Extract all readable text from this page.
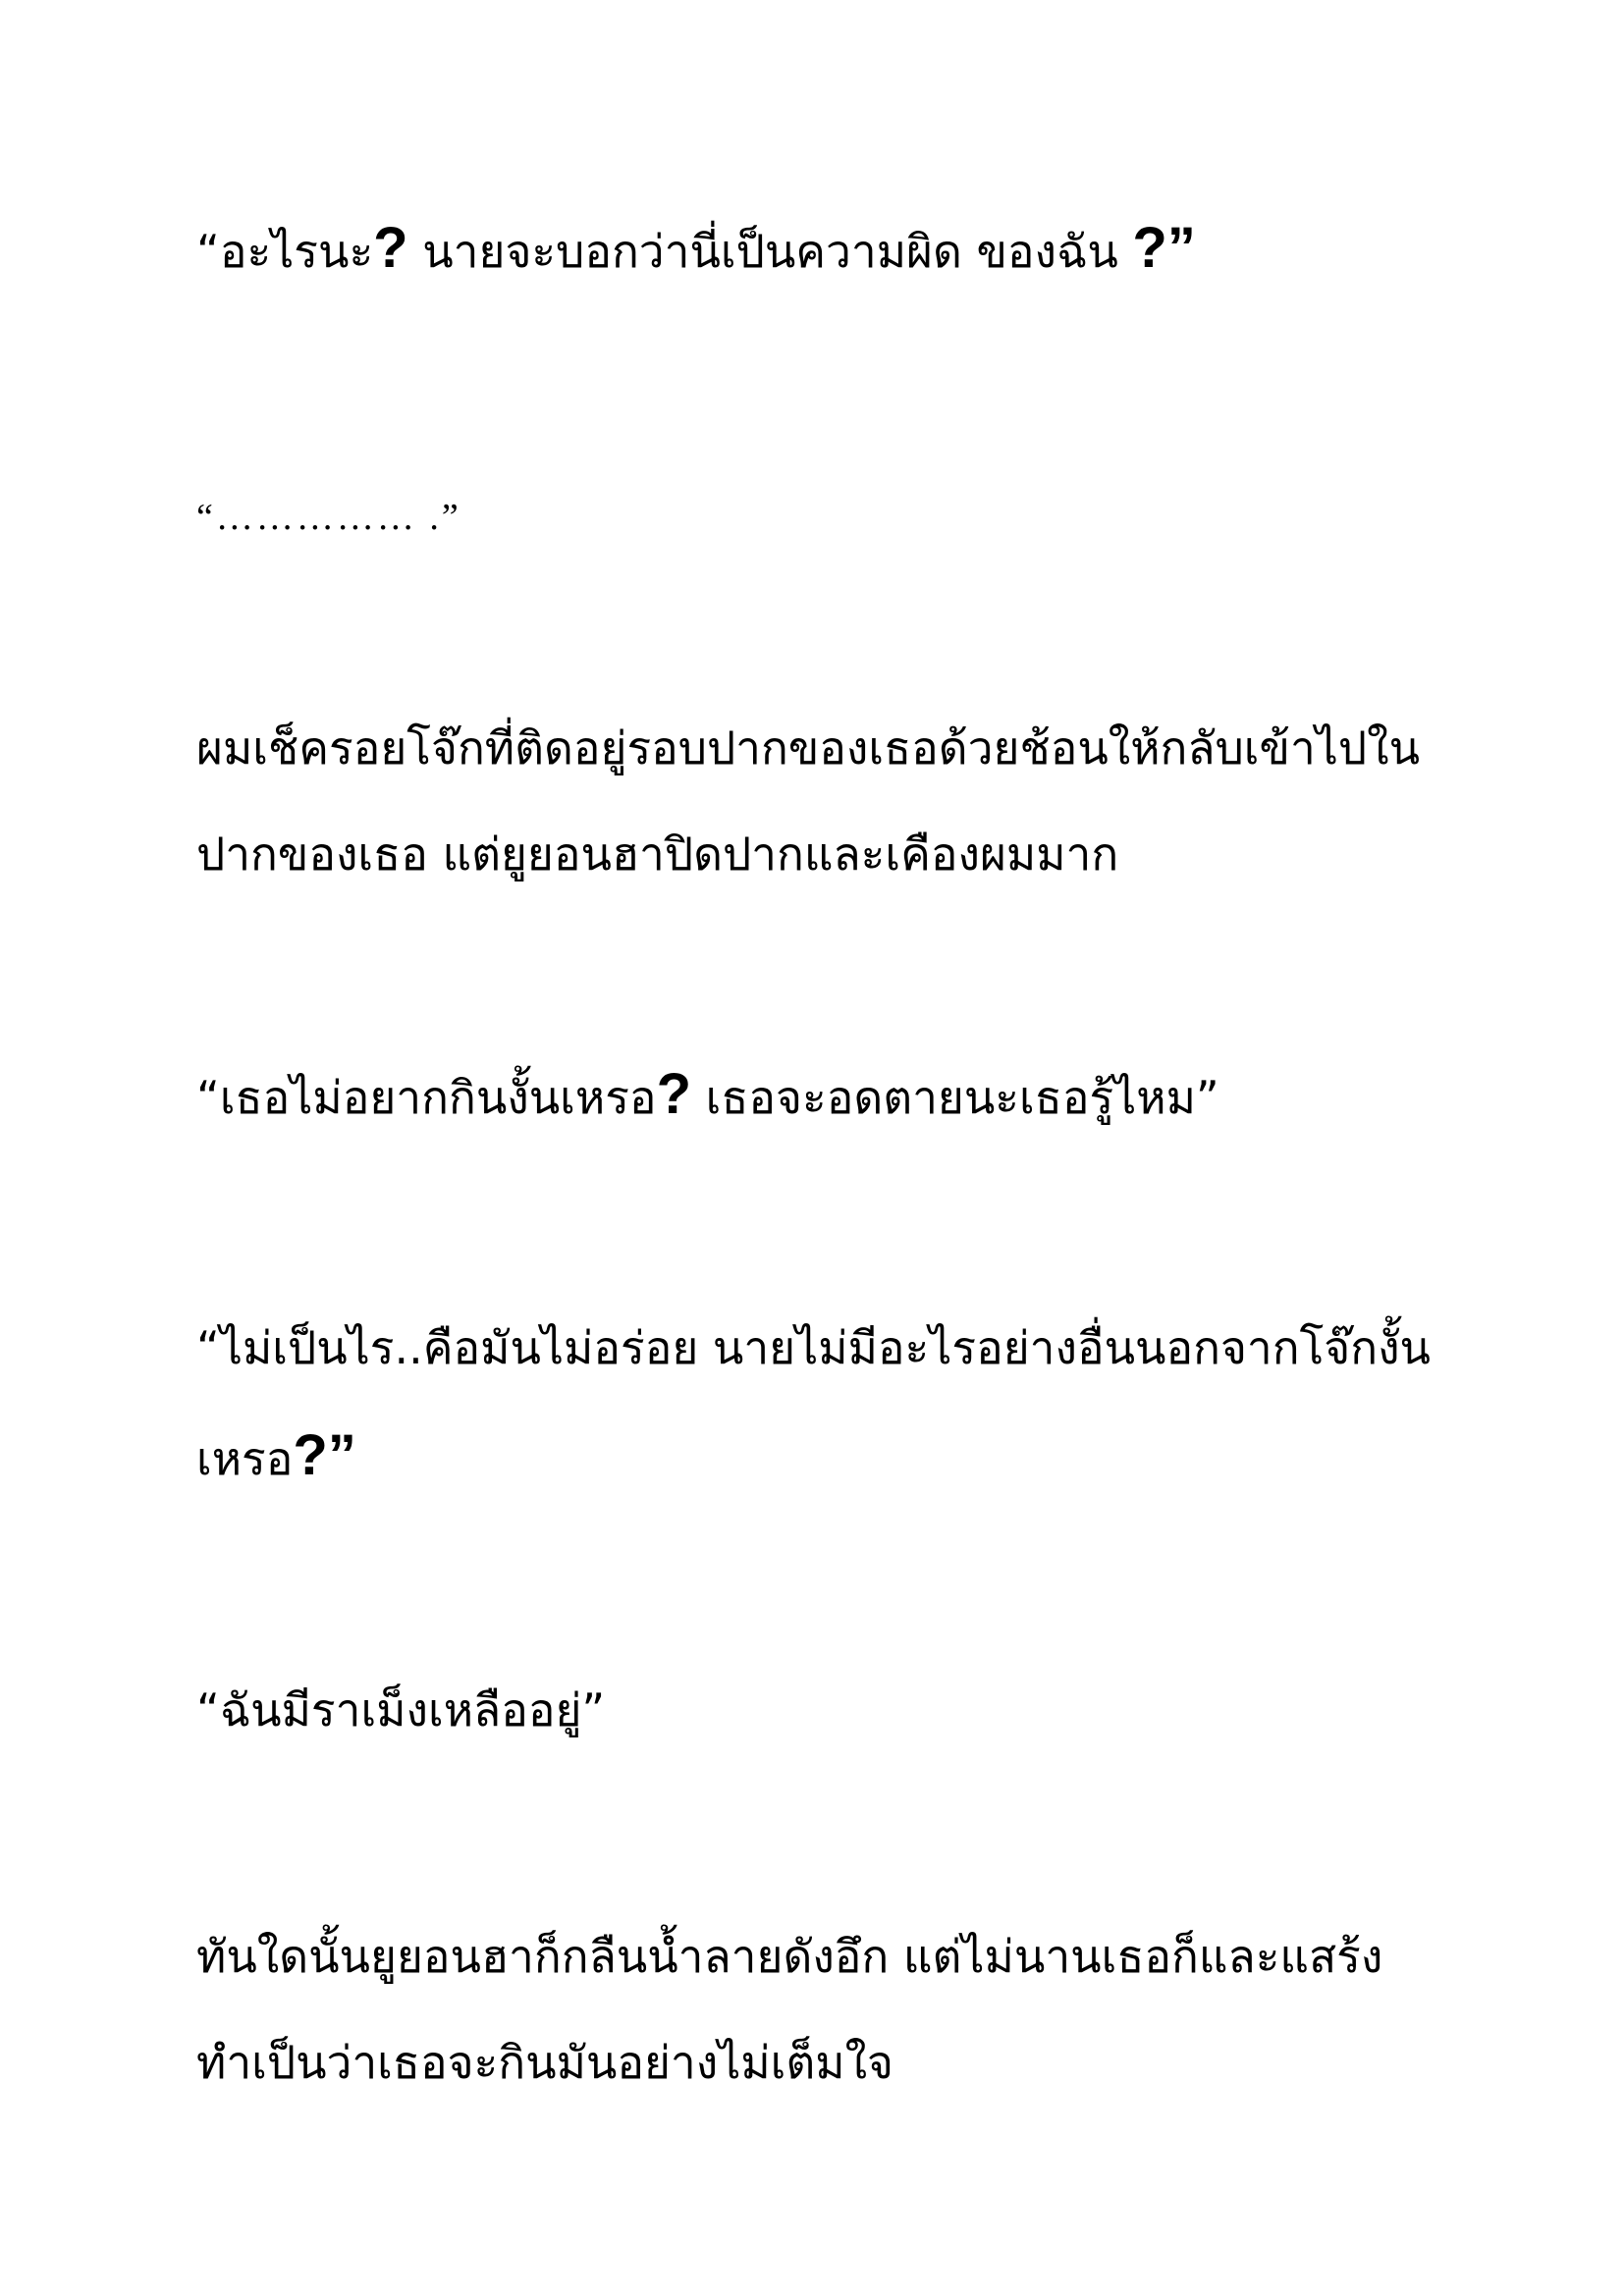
“อะไรนะ? นายจะบอกว่านี่เป็นความผิด ของฉัน ?”
“…………… .”
ผมเช็ครอยโจ๊กที่ติดอยู่รอบปากของเธอด้วยช้อนให้กลับเข้าไปใน
ปากของเธอ แต่ยูยอนฮาปิดปากและเคืองผมมาก
“เธอไม่อยากกินงั้นเหรอ? เธอจะอดตายนะเธอรู้ไหม”
“ไม่เป็นไร..คือมันไม่อร่อย นายไม่มีอะไรอย่างอื่นนอกจากโจ๊กงั้น
เหรอ?”
“ฉันมีราเม็งเหลืออยู่”
ทันใดนั้นยูยอนฮาก็กลืนน้ำลายดังอึก แต่ไม่นานเธอก็และแสร้ง
ทำเป็นว่าเธอจะกินมันอย่างไม่เต็มใจ
